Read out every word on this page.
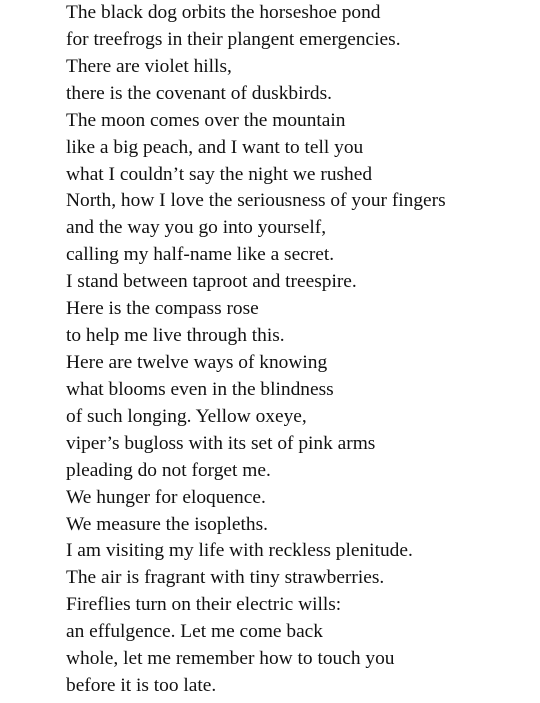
The black dog orbits the horseshoe pond
for treefrogs in their plangent emergencies.
There are violet hills,
there is the covenant of duskbirds.
The moon comes over the mountain
like a big peach, and I want to tell you
what I couldn’t say the night we rushed
North, how I love the seriousness of your fingers
and the way you go into yourself,
calling my half-name like a secret.
I stand between taproot and treespire.
Here is the compass rose
to help me live through this.
Here are twelve ways of knowing
what blooms even in the blindness
of such longing. Yellow oxeye,
viper’s bugloss with its set of pink arms
pleading do not forget me.
We hunger for eloquence.
We measure the isopleths.
I am visiting my life with reckless plenitude.
The air is fragrant with tiny strawberries.
Fireflies turn on their electric wills:
an effulgence. Let me come back
whole, let me remember how to touch you
before it is too late.
